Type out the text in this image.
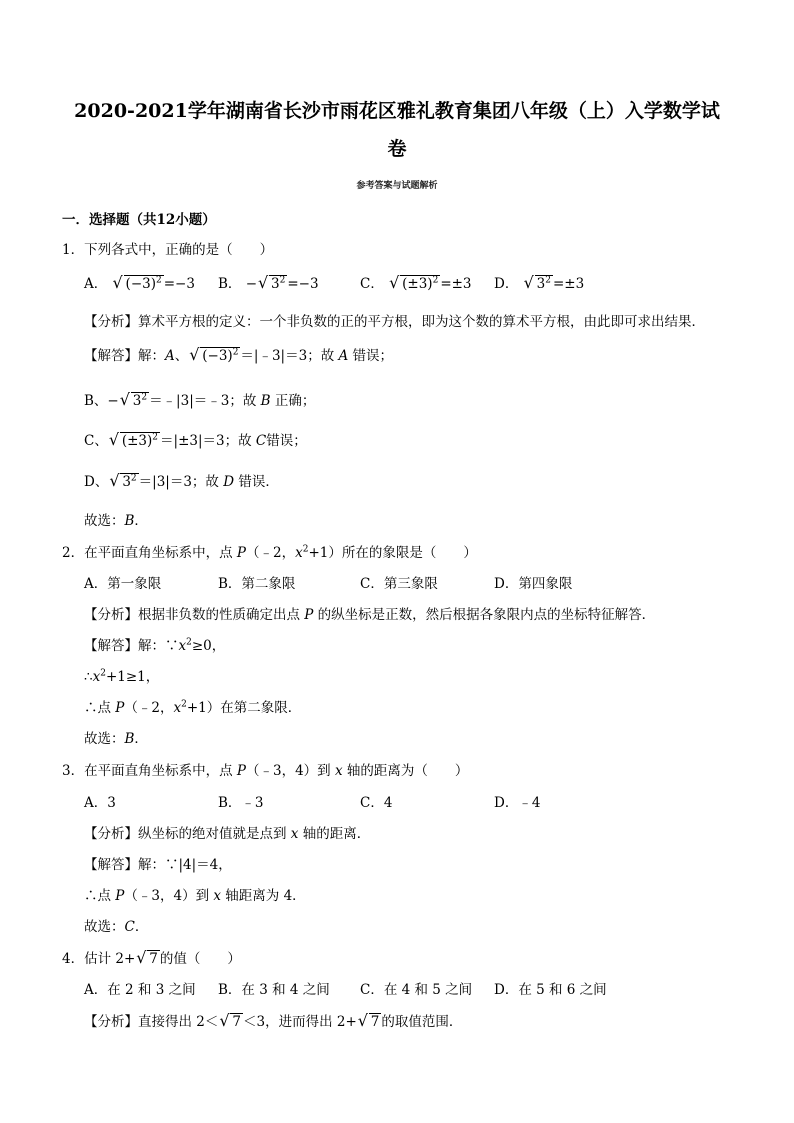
2020-2021学年湖南省长沙市雨花区雅礼教育集团八年级（上）入学数学试
卷
参考答案与试题解析
一．选择题（共12小题）
1．下列各式中，正确的是（　　）
A． √ $(-3)^2 =-3$ B． − √ $3^2 =-3$	C． √ $(\pm 3)^2 =\pm 3$ D． √ $3^2 =\pm 3$
【分析】算术平方根的定义：一个非负数的正的平方根，即为这个数的算术平方根，由此即可求出结果．
【解答】解：A、 √ $(-3)^2$ ＝|﹣3|＝3；故 A 错误；
B、− √ $3^2$ ＝﹣|3|＝﹣3；故 B 正确；
C、 √ $(\pm 3)^2 =|\pm 3|=3$；故 C错误；
D、 √ $3^2 =|3|=3$；故 D 错误．
故选：B．
2．在平面直角坐标系中，点 P（﹣2，$x^2+1$）所在的象限是（　　）
A．第一象限	B．第二象限	C．第三象限	D．第四象限
【分析】根据非负数的性质确定出点 P 的纵坐标是正数，然后根据各象限内点的坐标特征解答．
【解答】解：$\because x^2\ge 0$，
$\therefore x^2+1\ge 1$，
∴点 P（﹣2，$x^2+1$）在第二象限．
故选：B．
3．在平面直角坐标系中，点 P（﹣3，4）到 x 轴的距离为（　　）
A．3	B．﹣3	C．4	D．﹣4
【分析】纵坐标的绝对值就是点到 x 轴的距离．
【解答】解：∵|4|＝4，
∴点 P（﹣3，4）到 x 轴距离为 4．
故选：C．
4．估计 2+ √ 7 的值（　　）
A．在 2 和 3 之间 B．在 3 和 4 之间 C．在 4 和 5 之间 D．在 5 和 6 之间
【分析】直接得出 2＜ √ 7 ＜3，进而得出 2+ √ 7 的取值范围．
